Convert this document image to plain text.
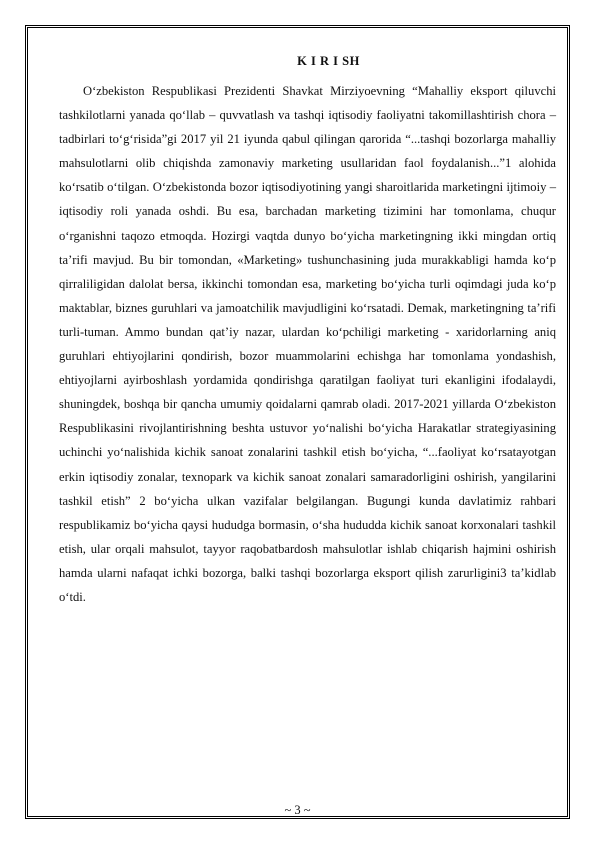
K I R I SH

O‘zbekiston Respublikasi Prezidenti Shavkat Mirziyoevning “Mahalliy eksport qiluvchi tashkilotlarni yanada qo‘llab – quvvatlash va tashqi iqtisodiy faoliyatni takomillashtirish chora – tadbirlari to‘g‘risida”gi 2017 yil 21 iyunda qabul qilingan qarorida “...tashqi bozorlarga mahalliy mahsulotlarni olib chiqishda zamonaviy marketing usullaridan faol foydalanish...”1 alohida ko‘rsatib o‘tilgan. O‘zbekistonda bozor iqtisodiyotining yangi sharoitlarida marketingni ijtimoiy – iqtisodiy roli yanada oshdi. Bu esa, barchadan marketing tizimini har tomonlama, chuqur o‘rganishni taqozo etmoqda. Hozirgi vaqtda dunyo bo‘yicha marketingning ikki mingdan ortiq ta’rifi mavjud. Bu bir tomondan, «Marketing» tushunchasining juda murakkabligi hamda ko‘p qirraliligidan dalolat bersa, ikkinchi tomondan esa, marketing bo‘yicha turli oqimdagi juda ko‘p maktablar, biznes guruhlari va jamoatchilik mavjudligini ko‘rsatadi. Demak, marketingning ta’rifi turli-tuman. Ammo bundan qat’iy nazar, ulardan ko‘pchiligi marketing - xaridorlarning aniq guruhlari ehtiyojlarini qondirish, bozor muammolarini echishga har tomonlama yondashish, ehtiyojlarni ayirboshlash yordamida qondirishga qaratilgan faoliyat turi ekanligini ifodalaydi, shuningdek, boshqa bir qancha umumiy qoidalarni qamrab oladi. 2017-2021 yillarda O‘zbekiston Respublikasini rivojlantirishning beshta ustuvor yo‘nalishi bo‘yicha Harakatlar strategiyasining uchinchi yo‘nalishida kichik sanoat zonalarini tashkil etish bo‘yicha, “...faoliyat ko‘rsatayotgan erkin iqtisodiy zonalar, texnopark va kichik sanoat zonalari samaradorligini oshirish, yangilarini tashkil etish” 2 bo‘yicha ulkan vazifalar belgilangan. Bugungi kunda davlatimiz rahbari respublikamiz bo‘yicha qaysi hududga bormasin, o‘sha hududda kichik sanoat korxonalari tashkil etish, ular orqali mahsulot, tayyor raqobatbardosh mahsulotlar ishlab chiqarish hajmini oshirish hamda ularni nafaqat ichki bozorga, balki tashqi bozorlarga eksport qilish zarurligini3 ta’kidlab o‘tdi.

~ 3 ~
